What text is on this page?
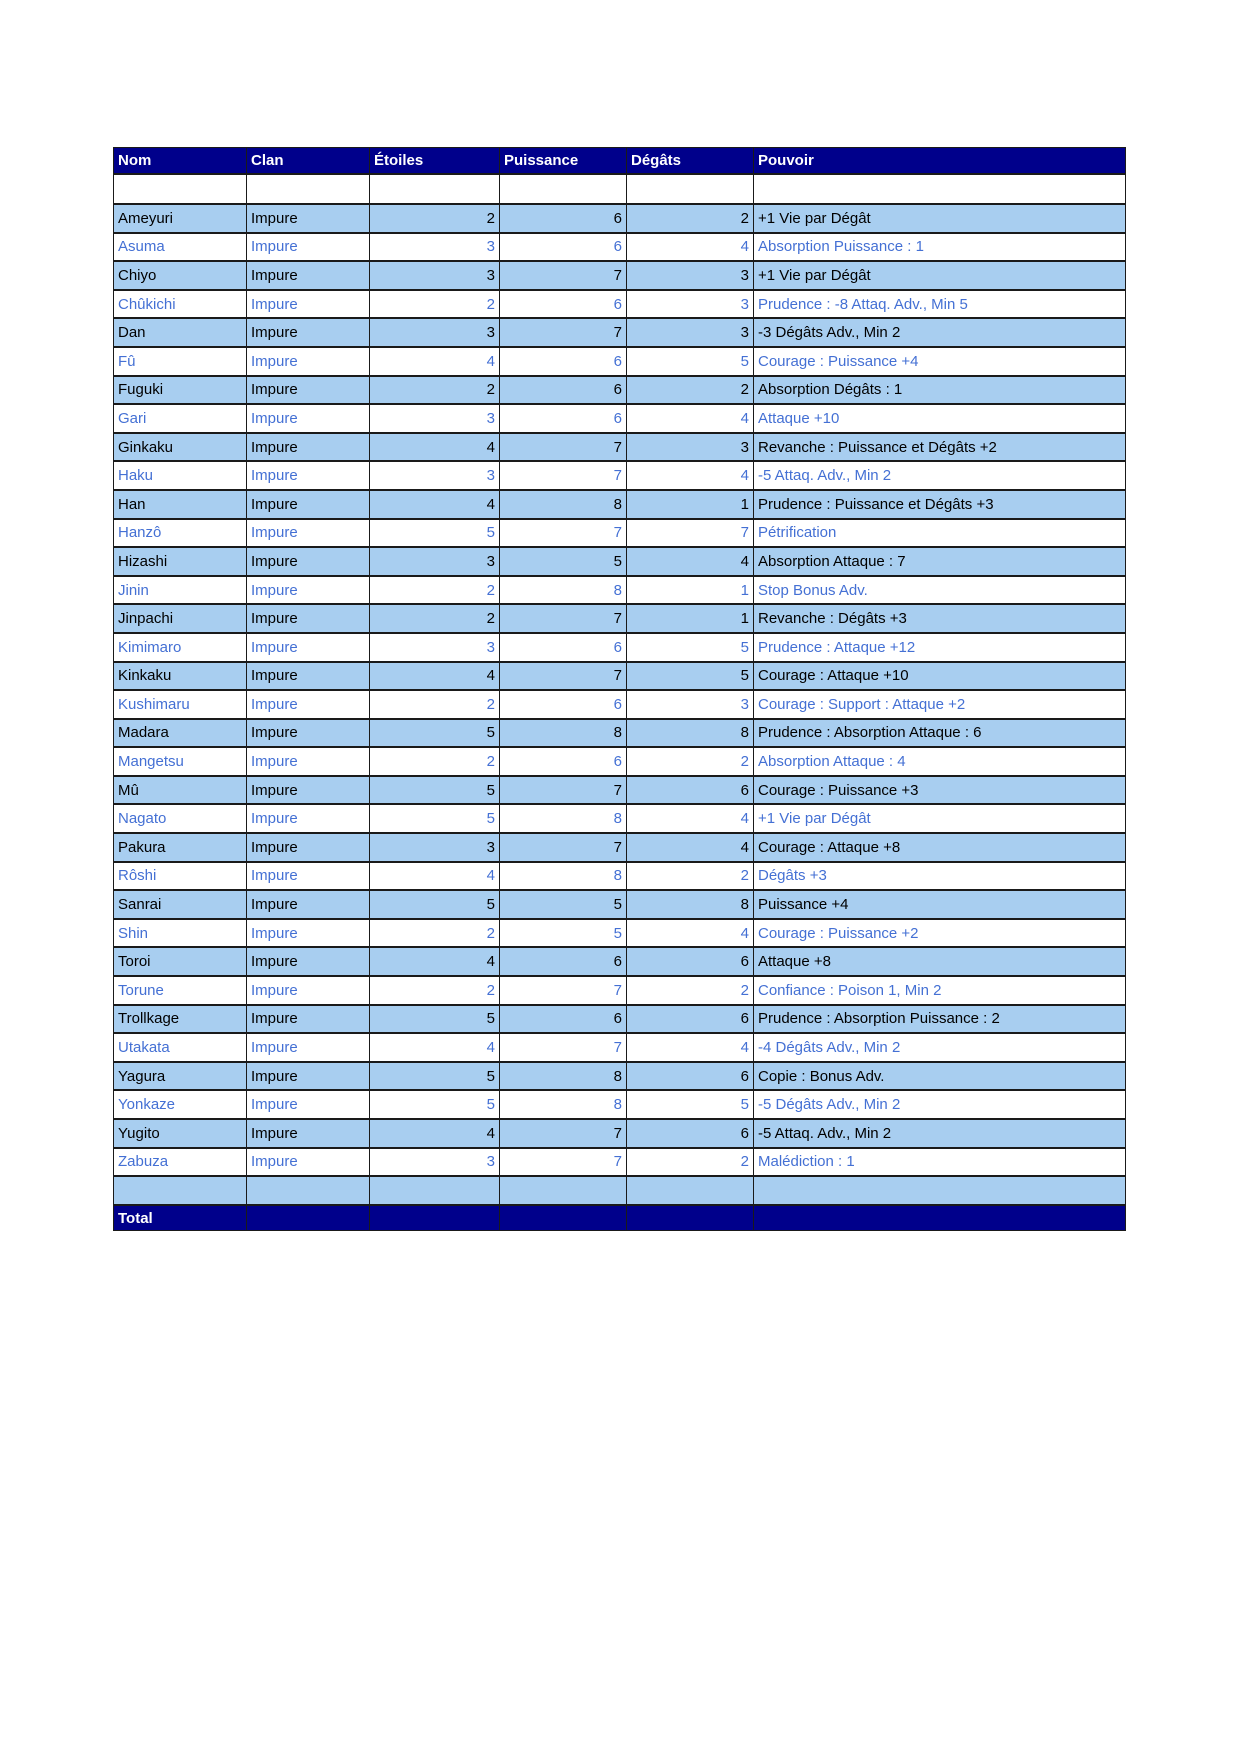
Nom	Clan	Étoiles	Puissance	Dégâts	Pouvoir

Ameyuri	Impure	2	6	2	+1 Vie par Dégât
Asuma	Impure	3	6	4	Absorption Puissance : 1
Chiyo	Impure	3	7	3	+1 Vie par Dégât
Chûkichi	Impure	2	6	3	Prudence : -8 Attaq. Adv., Min 5
Dan	Impure	3	7	3	-3 Dégâts Adv., Min 2
Fû	Impure	4	6	5	Courage : Puissance +4
Fuguki	Impure	2	6	2	Absorption Dégâts : 1
Gari	Impure	3	6	4	Attaque +10
Ginkaku	Impure	4	7	3	Revanche : Puissance et Dégâts +2
Haku	Impure	3	7	4	-5 Attaq. Adv., Min 2
Han	Impure	4	8	1	Prudence : Puissance et Dégâts +3
Hanzô	Impure	5	7	7	Pétrification
Hizashi	Impure	3	5	4	Absorption Attaque : 7
Jinin	Impure	2	8	1	Stop Bonus Adv.
Jinpachi	Impure	2	7	1	Revanche : Dégâts +3
Kimimaro	Impure	3	6	5	Prudence : Attaque +12
Kinkaku	Impure	4	7	5	Courage : Attaque +10
Kushimaru	Impure	2	6	3	Courage : Support : Attaque +2
Madara	Impure	5	8	8	Prudence : Absorption Attaque : 6
Mangetsu	Impure	2	6	2	Absorption Attaque : 4
Mû	Impure	5	7	6	Courage : Puissance +3
Nagato	Impure	5	8	4	+1 Vie par Dégât
Pakura	Impure	3	7	4	Courage : Attaque +8
Rôshi	Impure	4	8	2	Dégâts +3
Sanrai	Impure	5	5	8	Puissance +4
Shin	Impure	2	5	4	Courage : Puissance +2
Toroi	Impure	4	6	6	Attaque +8
Torune	Impure	2	7	2	Confiance : Poison 1, Min 2
Trollkage	Impure	5	6	6	Prudence : Absorption Puissance : 2
Utakata	Impure	4	7	4	-4 Dégâts Adv., Min 2
Yagura	Impure	5	8	6	Copie : Bonus Adv.
Yonkaze	Impure	5	8	5	-5 Dégâts Adv., Min 2
Yugito	Impure	4	7	6	-5 Attaq. Adv., Min 2
Zabuza	Impure	3	7	2	Malédiction : 1

Total					
